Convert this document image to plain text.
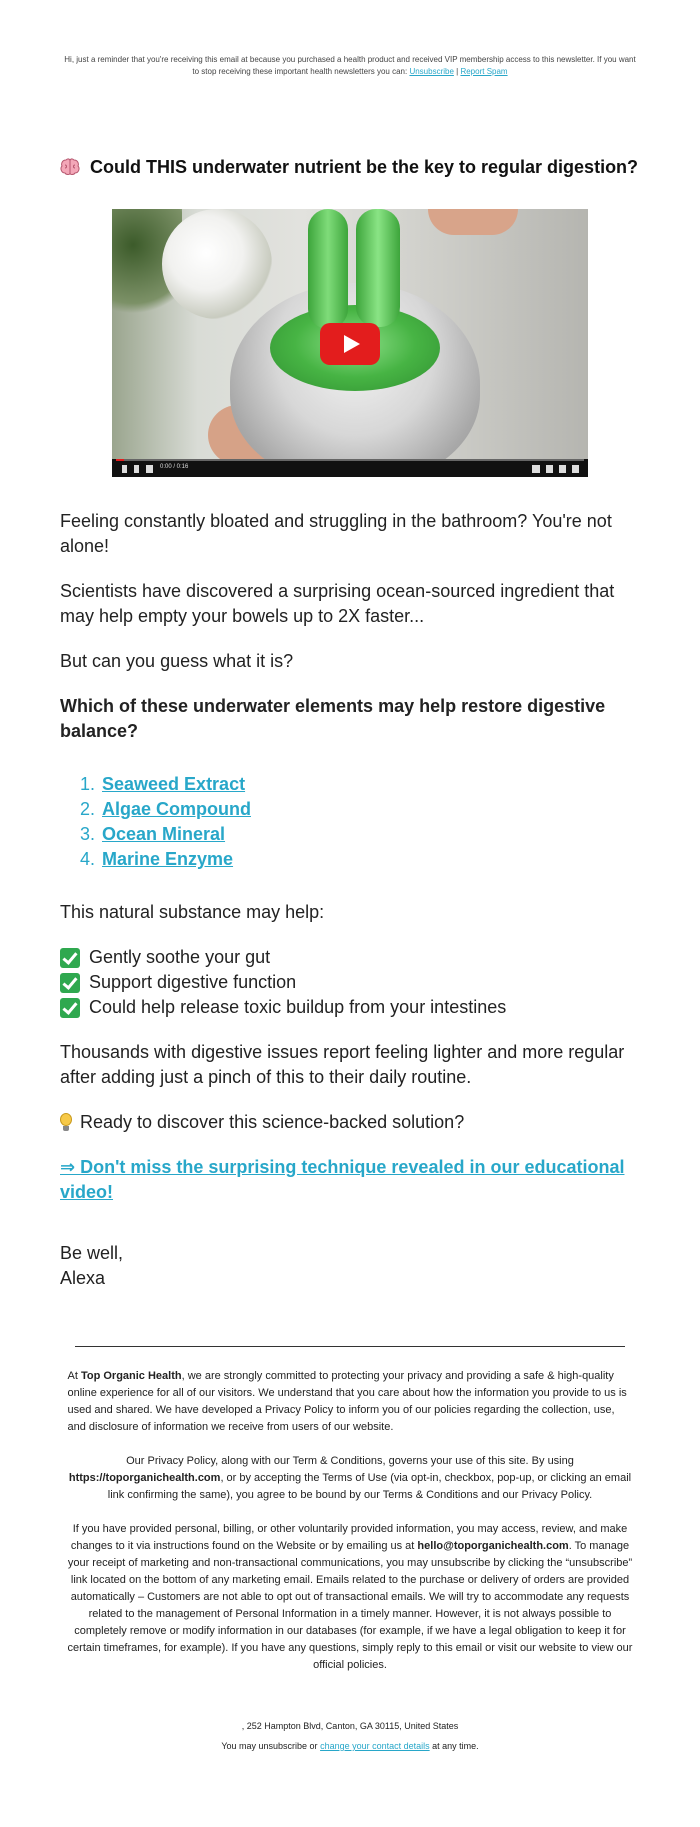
Hi, just a reminder that you're receiving this email at because you purchased a health product and received VIP membership access to this newsletter. If you want to stop receiving these important health newsletters you can: Unsubscribe | Report Spam
Could THIS underwater nutrient be the key to regular digestion?
0:00 / 0:16

Feeling constantly bloated and struggling in the bathroom? You're not alone!

Scientists have discovered a surprising ocean-sourced ingredient that may help empty your bowels up to 2X faster...

But can you guess what it is?

Which of these underwater elements may help restore digestive balance?

1. Seaweed Extract
2. Algae Compound
3. Ocean Mineral
4. Marine Enzyme

This natural substance may help:

Gently soothe your gut
Support digestive function
Could help release toxic buildup from your intestines

Thousands with digestive issues report feeling lighter and more regular after adding just a pinch of this to their daily routine.

Ready to discover this science-backed solution?

⇒ Don't miss the surprising technique revealed in our educational video!

Be well,
Alexa

At Top Organic Health, we are strongly committed to protecting your privacy and providing a safe & high-quality online experience for all of our visitors. We understand that you care about how the information you provide to us is used and shared. We have developed a Privacy Policy to inform you of our policies regarding the collection, use, and disclosure of information we receive from users of our website.

Our Privacy Policy, along with our Term & Conditions, governs your use of this site. By using https://toporganichealth.com, or by accepting the Terms of Use (via opt-in, checkbox, pop-up, or clicking an email link confirming the same), you agree to be bound by our Terms & Conditions and our Privacy Policy.

If you have provided personal, billing, or other voluntarily provided information, you may access, review, and make changes to it via instructions found on the Website or by emailing us at hello@toporganichealth.com. To manage your receipt of marketing and non-transactional communications, you may unsubscribe by clicking the “unsubscribe” link located on the bottom of any marketing email. Emails related to the purchase or delivery of orders are provided automatically – Customers are not able to opt out of transactional emails. We will try to accommodate any requests related to the management of Personal Information in a timely manner. However, it is not always possible to completely remove or modify information in our databases (for example, if we have a legal obligation to keep it for certain timeframes, for example). If you have any questions, simply reply to this email or visit our website to view our official policies.

, 252 Hampton Blvd, Canton, GA 30115, United States
You may unsubscribe or change your contact details at any time.
